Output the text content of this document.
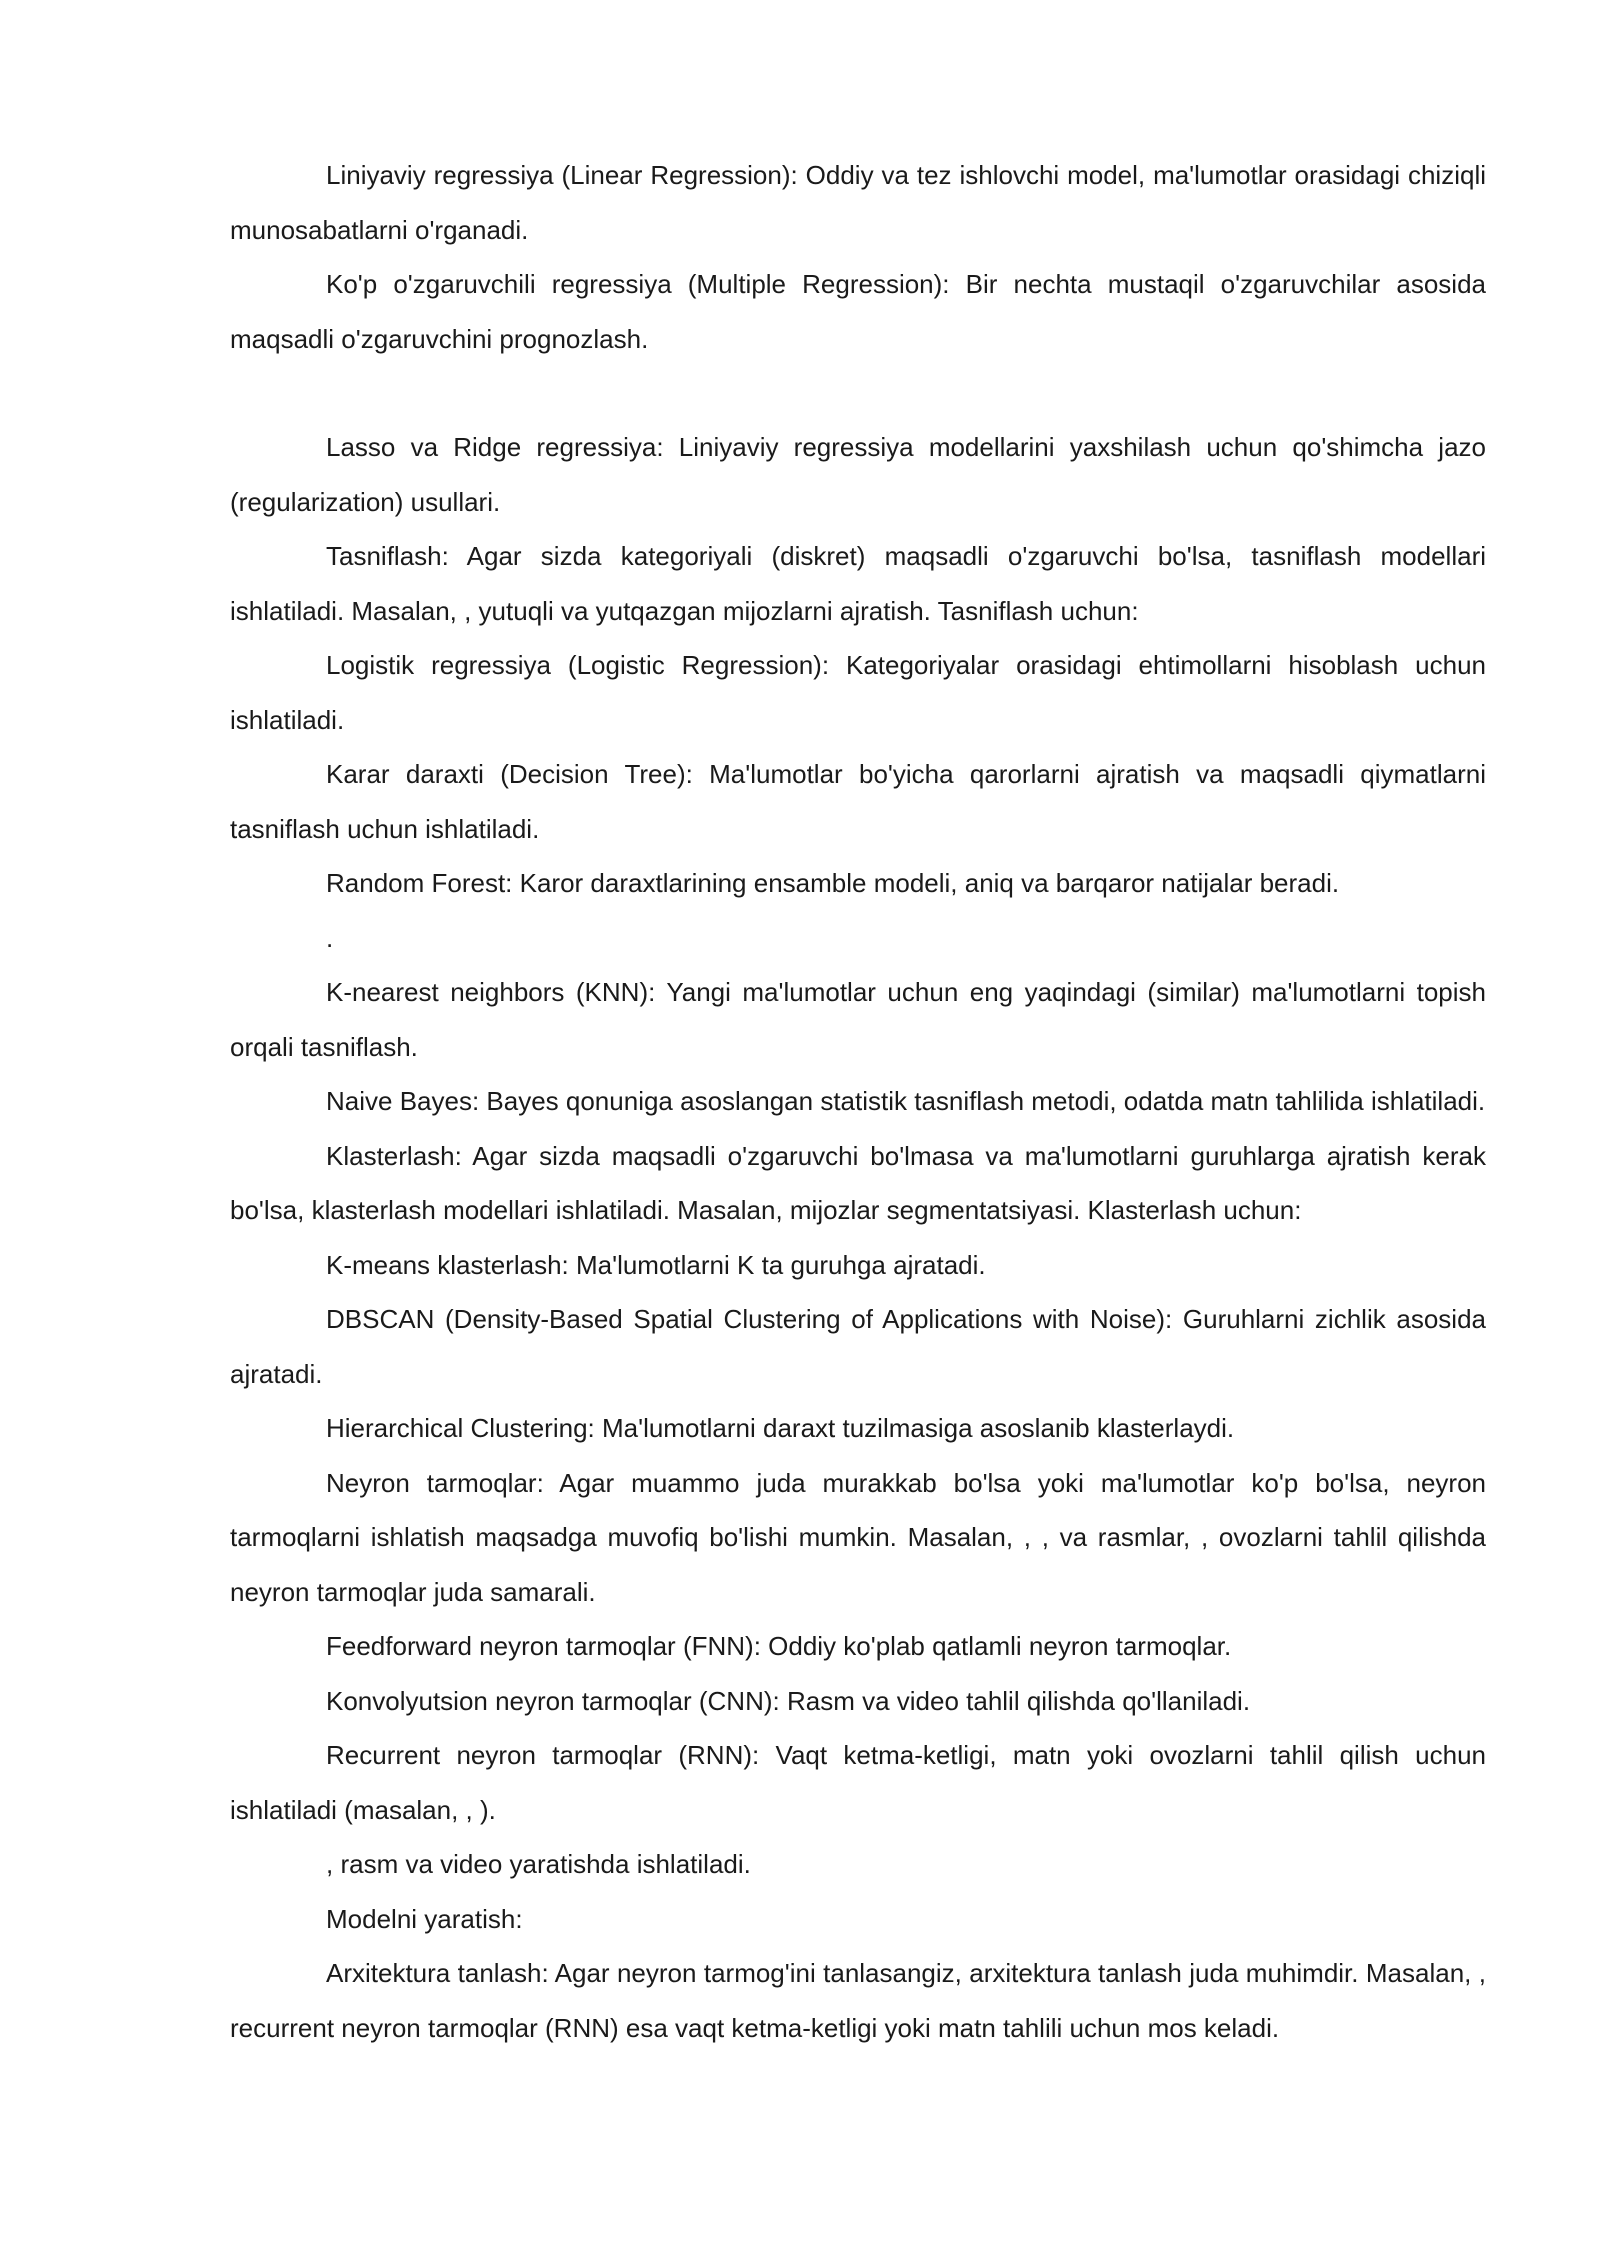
Liniyaviy regressiya (Linear Regression): Oddiy va tez ishlovchi model, ma'lumotlar orasidagi chiziqli munosabatlarni o'rganadi.

Ko'p o'zgaruvchili regressiya (Multiple Regression): Bir nechta mustaqil o'zgaruvchilar asosida maqsadli o'zgaruvchini prognozlash.

Lasso va Ridge regressiya: Liniyaviy regressiya modellarini yaxshilash uchun qo'shimcha jazo (regularization) usullari.

Tasniflash: Agar sizda kategoriyali (diskret) maqsadli o'zgaruvchi bo'lsa, tasniflash modellari ishlatiladi. Masalan, , yutuqli va yutqazgan mijozlarni ajratish. Tasniflash uchun:

Logistik regressiya (Logistic Regression): Kategoriyalar orasidagi ehtimollarni hisoblash uchun ishlatiladi.

Karar daraxti (Decision Tree): Ma'lumotlar bo'yicha qarorlarni ajratish va maqsadli qiymatlarni tasniflash uchun ishlatiladi.

Random Forest: Karor daraxtlarining ensamble modeli, aniq va barqaror natijalar beradi.

.

K-nearest neighbors (KNN): Yangi ma'lumotlar uchun eng yaqindagi (similar) ma'lumotlarni topish orqali tasniflash.

Naive Bayes: Bayes qonuniga asoslangan statistik tasniflash metodi, odatda matn tahlilida ishlatiladi.

Klasterlash: Agar sizda maqsadli o'zgaruvchi bo'lmasa va ma'lumotlarni guruhlarga ajratish kerak bo'lsa, klasterlash modellari ishlatiladi. Masalan, mijozlar segmentatsiyasi. Klasterlash uchun:

K-means klasterlash: Ma'lumotlarni K ta guruhga ajratadi.

DBSCAN (Density-Based Spatial Clustering of Applications with Noise): Guruhlarni zichlik asosida ajratadi.

Hierarchical Clustering: Ma'lumotlarni daraxt tuzilmasiga asoslanib klasterlaydi.

Neyron tarmoqlar: Agar muammo juda murakkab bo'lsa yoki ma'lumotlar ko'p bo'lsa, neyron tarmoqlarni ishlatish maqsadga muvofiq bo'lishi mumkin. Masalan, , , va rasmlar, , ovozlarni tahlil qilishda neyron tarmoqlar juda samarali.

Feedforward neyron tarmoqlar (FNN): Oddiy ko'plab qatlamli neyron tarmoqlar.

Konvolyutsion neyron tarmoqlar (CNN): Rasm va video tahlil qilishda qo'llaniladi.

Recurrent neyron tarmoqlar (RNN): Vaqt ketma-ketligi, matn yoki ovozlarni tahlil qilish uchun ishlatiladi (masalan, , ).

, rasm va video yaratishda ishlatiladi.

Modelni yaratish:

Arxitektura tanlash: Agar neyron tarmog'ini tanlasangiz, arxitektura tanlash juda muhimdir. Masalan, , recurrent neyron tarmoqlar (RNN) esa vaqt ketma-ketligi yoki matn tahlili uchun mos keladi.
